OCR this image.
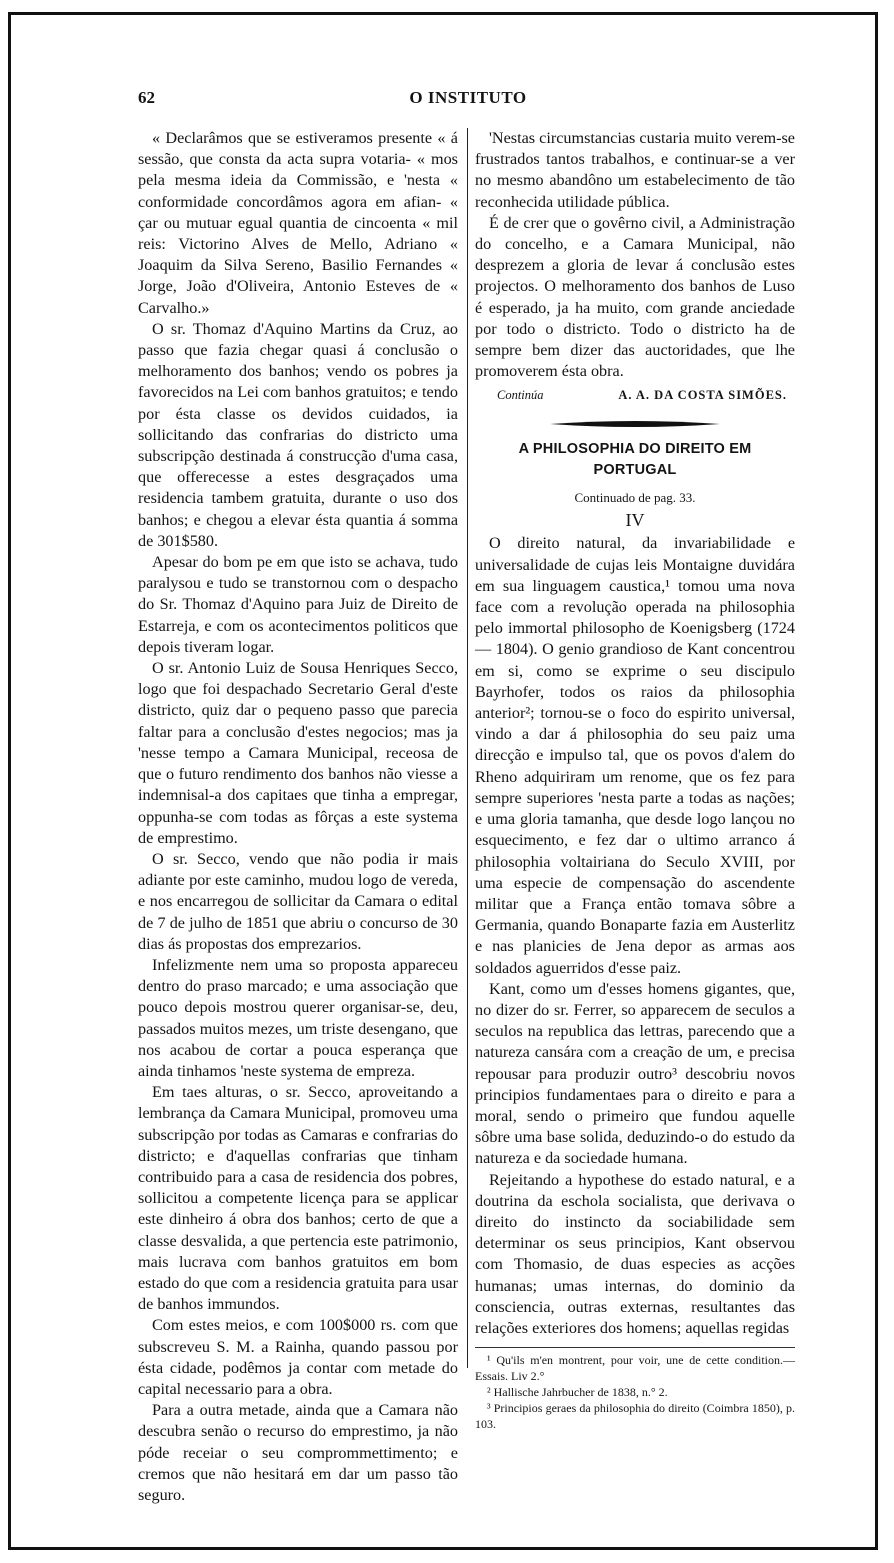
62	O INSTITUTO

« Declarâmos que se estiveramos presente « á sessão, que consta da acta supra votaria- « mos pela mesma ideia da Commissão, e 'nesta « conformidade concordâmos agora em afian- « çar ou mutuar egual quantia de cincoenta « mil reis: Victorino Alves de Mello, Adriano « Joaquim da Silva Sereno, Basilio Fernandes « Jorge, João d'Oliveira, Antonio Esteves de « Carvalho.»

O sr. Thomaz d'Aquino Martins da Cruz, ao passo que fazia chegar quasi á conclusão o melhoramento dos banhos; vendo os pobres ja favorecidos na Lei com banhos gratuitos; e tendo por ésta classe os devidos cuidados, ia sollicitando das confrarias do districto uma subscripção destinada á construcção d'uma casa, que offerecesse a estes desgraçados uma residencia tambem gratuita, durante o uso dos banhos; e chegou a elevar ésta quantia á somma de 301$580.

Apesar do bom pe em que isto se achava, tudo paralysou e tudo se transtornou com o despacho do Sr. Thomaz d'Aquino para Juiz de Direito de Estarreja, e com os acontecimentos politicos que depois tiveram logar.

O sr. Antonio Luiz de Sousa Henriques Secco, logo que foi despachado Secretario Geral d'este districto, quiz dar o pequeno passo que parecia faltar para a conclusão d'estes negocios; mas ja 'nesse tempo a Camara Municipal, receosa de que o futuro rendimento dos banhos não viesse a indemnisal-a dos capitaes que tinha a empregar, oppunha-se com todas as fôrças a este systema de emprestimo.

O sr. Secco, vendo que não podia ir mais adiante por este caminho, mudou logo de vereda, e nos encarregou de sollicitar da Camara o edital de 7 de julho de 1851 que abriu o concurso de 30 dias ás propostas dos emprezarios.

Infelizmente nem uma so proposta appareceu dentro do praso marcado; e uma associação que pouco depois mostrou querer organisar-se, deu, passados muitos mezes, um triste desengano, que nos acabou de cortar a pouca esperança que ainda tinhamos 'neste systema de empreza.

Em taes alturas, o sr. Secco, aproveitando a lembrança da Camara Municipal, promoveu uma subscripção por todas as Camaras e confrarias do districto; e d'aquellas confrarias que tinham contribuido para a casa de residencia dos pobres, sollicitou a competente licença para se applicar este dinheiro á obra dos banhos; certo de que a classe desvalida, a que pertencia este patrimonio, mais lucrava com banhos gratuitos em bom estado do que com a residencia gratuita para usar de banhos immundos.

Com estes meios, e com 100$000 rs. com que subscreveu S. M. a Rainha, quando passou por ésta cidade, podêmos ja contar com metade do capital necessario para a obra.

Para a outra metade, ainda que a Camara não descubra senão o recurso do emprestimo, ja não póde receiar o seu comprommettimento; e cremos que não hesitará em dar um passo tão seguro.

'Nestas circumstancias custaria muito verem-se frustrados tantos trabalhos, e continuar-se a ver no mesmo abandôno um estabelecimento de tão reconhecida utilidade pública.

É de crer que o govêrno civil, a Administração do concelho, e a Camara Municipal, não desprezem a gloria de levar á conclusão estes projectos. O melhoramento dos banhos de Luso é esperado, ja ha muito, com grande anciedade por todo o districto. Todo o districto ha de sempre bem dizer das auctoridades, que lhe promoverem ésta obra.

Continúa	A. A. DA COSTA SIMÕES.
A PHILOSOPHIA DO DIREITO EM PORTUGAL
Continuado de pag. 33.
IV

O direito natural, da invariabilidade e universalidade de cujas leis Montaigne duvidára em sua linguagem caustica,¹ tomou uma nova face com a revolução operada na philosophia pelo immortal philosopho de Koenigsberg (1724 — 1804). O genio grandioso de Kant concentrou em si, como se exprime o seu discipulo Bayrhofer, todos os raios da philosophia anterior²; tornou-se o foco do espirito universal, vindo a dar á philosophia do seu paiz uma direcção e impulso tal, que os povos d'alem do Rheno adquiriram um renome, que os fez para sempre superiores 'nesta parte a todas as nações; e uma gloria tamanha, que desde logo lançou no esquecimento, e fez dar o ultimo arranco á philosophia voltairiana do Seculo XVIII, por uma especie de compensação do ascendente militar que a França então tomava sôbre a Germania, quando Bonaparte fazia em Austerlitz e nas planicies de Jena depor as armas aos soldados aguerridos d'esse paiz.

Kant, como um d'esses homens gigantes, que, no dizer do sr. Ferrer, so apparecem de seculos a seculos na republica das lettras, parecendo que a natureza cansára com a creação de um, e precisa repousar para produzir outro³ descobriu novos principios fundamentaes para o direito e para a moral, sendo o primeiro que fundou aquelle sôbre uma base solida, deduzindo-o do estudo da natureza e da sociedade humana.

Rejeitando a hypothese do estado natural, e a doutrina da eschola socialista, que derivava o direito do instincto da sociabilidade sem determinar os seus principios, Kant observou com Thomasio, de duas especies as acções humanas; umas internas, do dominio da consciencia, outras externas, resultantes das relações exteriores dos homens; aquellas regidas

¹ Qu'ils m'en montrent, pour voir, une de cette condition.—Essais. Liv 2.°

² Hallische Jahrbucher de 1838, n.° 2.

³ Principios geraes da philosophia do direito (Coimbra 1850), p. 103.
